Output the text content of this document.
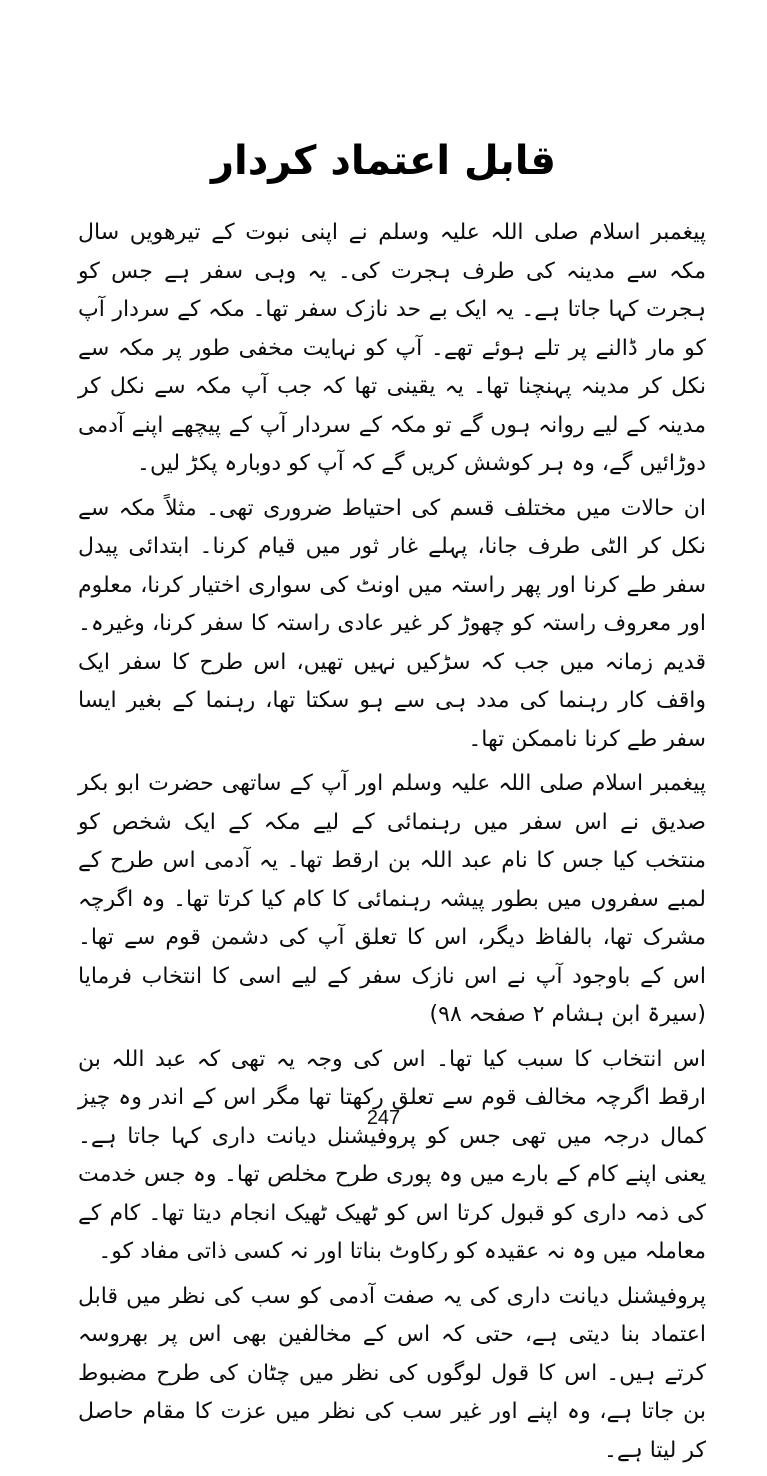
قابل اعتماد کردار

پیغمبر اسلام صلی اللہ علیہ وسلم نے اپنی نبوت کے تیرھویں سال مکہ سے مدینہ کی طرف ہجرت کی۔ یہ وہی سفر ہے جس کو ہجرت کہا جاتا ہے۔ یہ ایک بے حد نازک سفر تھا۔ مکہ کے سردار آپ کو مار ڈالنے پر تلے ہوئے تھے۔ آپ کو نہایت مخفی طور پر مکہ سے نکل کر مدینہ پہنچنا تھا۔ یہ یقینی تھا کہ جب آپ مکہ سے نکل کر مدینہ کے لیے روانہ ہوں گے تو مکہ کے سردار آپ کے پیچھے اپنے آدمی دوڑائیں گے، وہ ہر کوشش کریں گے کہ آپ کو دوبارہ پکڑ لیں۔

ان حالات میں مختلف قسم کی احتیاط ضروری تھی۔ مثلاً مکہ سے نکل کر الٹی طرف جانا، پہلے غار ثور میں قیام کرنا۔ ابتدائی پیدل سفر طے کرنا اور پھر راستہ میں اونٹ کی سواری اختیار کرنا، معلوم اور معروف راستہ کو چھوڑ کر غیر عادی راستہ کا سفر کرنا، وغیرہ۔ قدیم زمانہ میں جب کہ سڑکیں نہیں تھیں، اس طرح کا سفر ایک واقف کار رہنما کی مدد ہی سے ہو سکتا تھا، رہنما کے بغیر ایسا سفر طے کرنا ناممکن تھا۔

پیغمبر اسلام صلی اللہ علیہ وسلم اور آپ کے ساتھی حضرت ابو بکر صدیق نے اس سفر میں رہنمائی کے لیے مکہ کے ایک شخص کو منتخب کیا جس کا نام عبد اللہ بن ارقط تھا۔ یہ آدمی اس طرح کے لمبے سفروں میں بطور پیشہ رہنمائی کا کام کیا کرتا تھا۔ وہ اگرچہ مشرک تھا، بالفاظ دیگر، اس کا تعلق آپ کی دشمن قوم سے تھا۔ اس کے باوجود آپ نے اس نازک سفر کے لیے اسی کا انتخاب فرمایا (سیرۃ ابن ہشام ۲ صفحہ ۹۸)

اس انتخاب کا سبب کیا تھا۔ اس کی وجہ یہ تھی کہ عبد اللہ بن ارقط اگرچہ مخالف قوم سے تعلق رکھتا تھا مگر اس کے اندر وہ چیز کمال درجہ میں تھی جس کو پروفیشنل دیانت داری کہا جاتا ہے۔ یعنی اپنے کام کے بارے میں وہ پوری طرح مخلص تھا۔ وہ جس خدمت کی ذمہ داری کو قبول کرتا اس کو ٹھیک ٹھیک انجام دیتا تھا۔ کام کے معاملہ میں وہ نہ عقیدہ کو رکاوٹ بناتا اور نہ کسی ذاتی مفاد کو۔

پروفیشنل دیانت داری کی یہ صفت آدمی کو سب کی نظر میں قابل اعتماد بنا دیتی ہے، حتی کہ اس کے مخالفین بھی اس پر بھروسہ کرتے ہیں۔ اس کا قول لوگوں کی نظر میں چٹان کی طرح مضبوط بن جاتا ہے، وہ اپنے اور غیر سب کی نظر میں عزت کا مقام حاصل کر لیتا ہے۔

247
